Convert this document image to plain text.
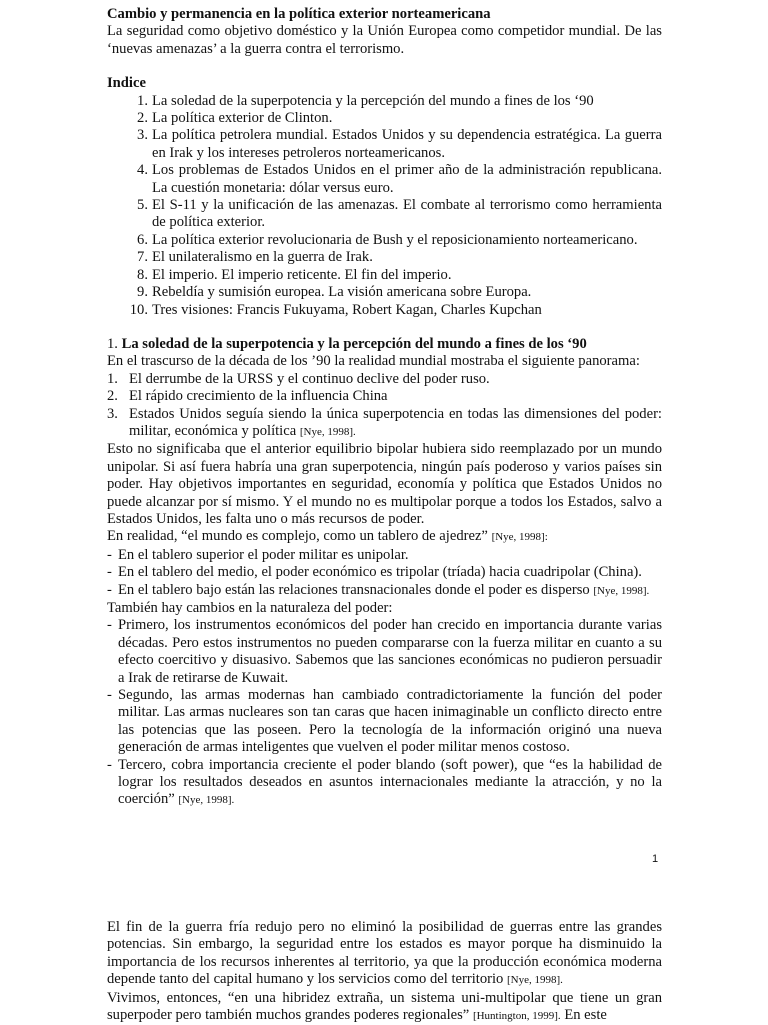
Cambio y permanencia en la política exterior norteamericana

La seguridad como objetivo doméstico y la Unión Europea como competidor mundial. De las ‘nuevas amenazas’ a la guerra contra el terrorismo.

Indice

1. La soledad de la superpotencia y la percepción del mundo a fines de los ‘90
2. La política exterior de Clinton.
3. La política petrolera mundial. Estados Unidos y su dependencia estratégica. La guerra en Irak y los intereses petroleros norteamericanos.
4. Los problemas de Estados Unidos en el primer año de la administración republicana. La cuestión monetaria: dólar versus euro.
5. El S-11 y la unificación de las amenazas. El combate al terrorismo como herramienta de política exterior.
6. La política exterior revolucionaria de Bush y el reposicionamiento norteamericano.
7. El unilateralismo en la guerra de Irak.
8. El imperio. El imperio reticente. El fin del imperio.
9. Rebeldía y sumisión europea. La visión americana sobre Europa.
10. Tres visiones: Francis Fukuyama, Robert Kagan, Charles Kupchan

1. La soledad de la superpotencia y la percepción del mundo a fines de los ‘90

En el trascurso de la década de los ’90 la realidad mundial mostraba el siguiente panorama:

1. El derrumbe de la URSS y el continuo declive del poder ruso.
2. El rápido crecimiento de la influencia China
3. Estados Unidos seguía siendo la única superpotencia en todas las dimensiones del poder: militar, económica y política [Nye, 1998].

Esto no significaba que el anterior equilibrio bipolar hubiera sido reemplazado por un mundo unipolar. Si así fuera habría una gran superpotencia, ningún país poderoso y varios países sin poder. Hay objetivos importantes en seguridad, economía y política que Estados Unidos no puede alcanzar por sí mismo. Y el mundo no es multipolar porque a todos los Estados, salvo a Estados Unidos, les falta uno o más recursos de poder.

En realidad, “el mundo es complejo, como un tablero de ajedrez” [Nye, 1998]:

- En el tablero superior el poder militar es unipolar.
- En el tablero del medio, el poder económico es tripolar (tríada) hacia cuadripolar (China).
- En el tablero bajo están las relaciones transnacionales donde el poder es disperso [Nye, 1998].

También hay cambios en la naturaleza del poder:

- Primero, los instrumentos económicos del poder han crecido en importancia durante varias décadas. Pero estos instrumentos no pueden compararse con la fuerza militar en cuanto a su efecto coercitivo y disuasivo. Sabemos que las sanciones económicas no pudieron persuadir a Irak de retirarse de Kuwait.
- Segundo, las armas modernas han cambiado contradictoriamente la función del poder militar. Las armas nucleares son tan caras que hacen inimaginable un conflicto directo entre las potencias que las poseen. Pero la tecnología de la información originó una nueva generación de armas inteligentes que vuelven el poder militar menos costoso.
- Tercero, cobra importancia creciente el poder blando (soft power), que “es la habilidad de lograr los resultados deseados en asuntos internacionales mediante la atracción, y no la coerción” [Nye, 1998].
1

El fin de la guerra fría redujo pero no eliminó la posibilidad de guerras entre las grandes potencias. Sin embargo, la seguridad entre los estados es mayor porque ha disminuido la importancia de los recursos inherentes al territorio, ya que la producción económica moderna depende tanto del capital humano y los servicios como del territorio [Nye, 1998].

Vivimos, entonces, “en una hibridez extraña, un sistema uni-multipolar que tiene un gran superpoder pero también muchos grandes poderes regionales” [Huntington, 1999]. En este
